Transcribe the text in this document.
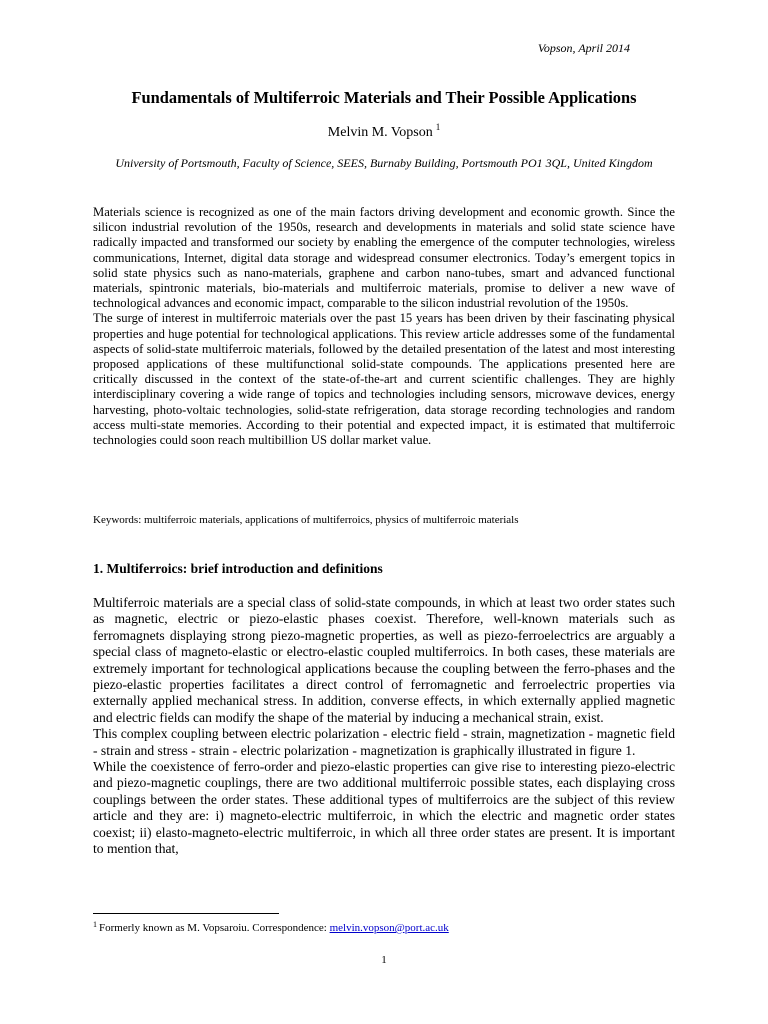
Vopson, April 2014
Fundamentals of Multiferroic Materials and Their Possible Applications
Melvin M. Vopson $^1$
University of Portsmouth, Faculty of Science, SEES, Burnaby Building, Portsmouth PO1 3QL, United Kingdom

Materials science is recognized as one of the main factors driving development and economic growth. Since the silicon industrial revolution of the 1950s, research and developments in materials and solid state science have radically impacted and transformed our society by enabling the emergence of the computer technologies, wireless communications, Internet, digital data storage and widespread consumer electronics. Today’s emergent topics in solid state physics such as nano-materials, graphene and carbon nano-tubes, smart and advanced functional materials, spintronic materials, bio-materials and multiferroic materials, promise to deliver a new wave of technological advances and economic impact, comparable to the silicon industrial revolution of the 1950s.

The surge of interest in multiferroic materials over the past 15 years has been driven by their fascinating physical properties and huge potential for technological applications. This review article addresses some of the fundamental aspects of solid-state multiferroic materials, followed by the detailed presentation of the latest and most interesting proposed applications of these multifunctional solid-state compounds. The applications presented here are critically discussed in the context of the state-of-the-art and current scientific challenges. They are highly interdisciplinary covering a wide range of topics and technologies including sensors, microwave devices, energy harvesting, photo-voltaic technologies, solid-state refrigeration, data storage recording technologies and random access multi-state memories. According to their potential and expected impact, it is estimated that multiferroic technologies could soon reach multibillion US dollar market value.

Keywords: multiferroic materials, applications of multiferroics, physics of multiferroic materials
1. Multiferroics: brief introduction and definitions

Multiferroic materials are a special class of solid-state compounds, in which at least two order states such as magnetic, electric or piezo-elastic phases coexist. Therefore, well-known materials such as ferromagnets displaying strong piezo-magnetic properties, as well as piezo-ferroelectrics are arguably a special class of magneto-elastic or electro-elastic coupled multiferroics. In both cases, these materials are extremely important for technological applications because the coupling between the ferro-phases and the piezo-elastic properties facilitates a direct control of ferromagnetic and ferroelectric properties via externally applied mechanical stress. In addition, converse effects, in which externally applied magnetic and electric fields can modify the shape of the material by inducing a mechanical strain, exist.

This complex coupling between electric polarization - electric field - strain, magnetization - magnetic field - strain and stress - strain - electric polarization - magnetization is graphically illustrated in figure 1.

While the coexistence of ferro-order and piezo-elastic properties can give rise to interesting piezo-electric and piezo-magnetic couplings, there are two additional multiferroic possible states, each displaying cross couplings between the order states. These additional types of multiferroics are the subject of this review article and they are: i) magneto-electric multiferroic, in which the electric and magnetic order states coexist; ii) elasto-magneto-electric multiferroic, in which all three order states are present. It is important to mention that,

$^1$ Formerly known as M. Vopsaroiu. Correspondence: melvin.vopson@port.ac.uk
1
